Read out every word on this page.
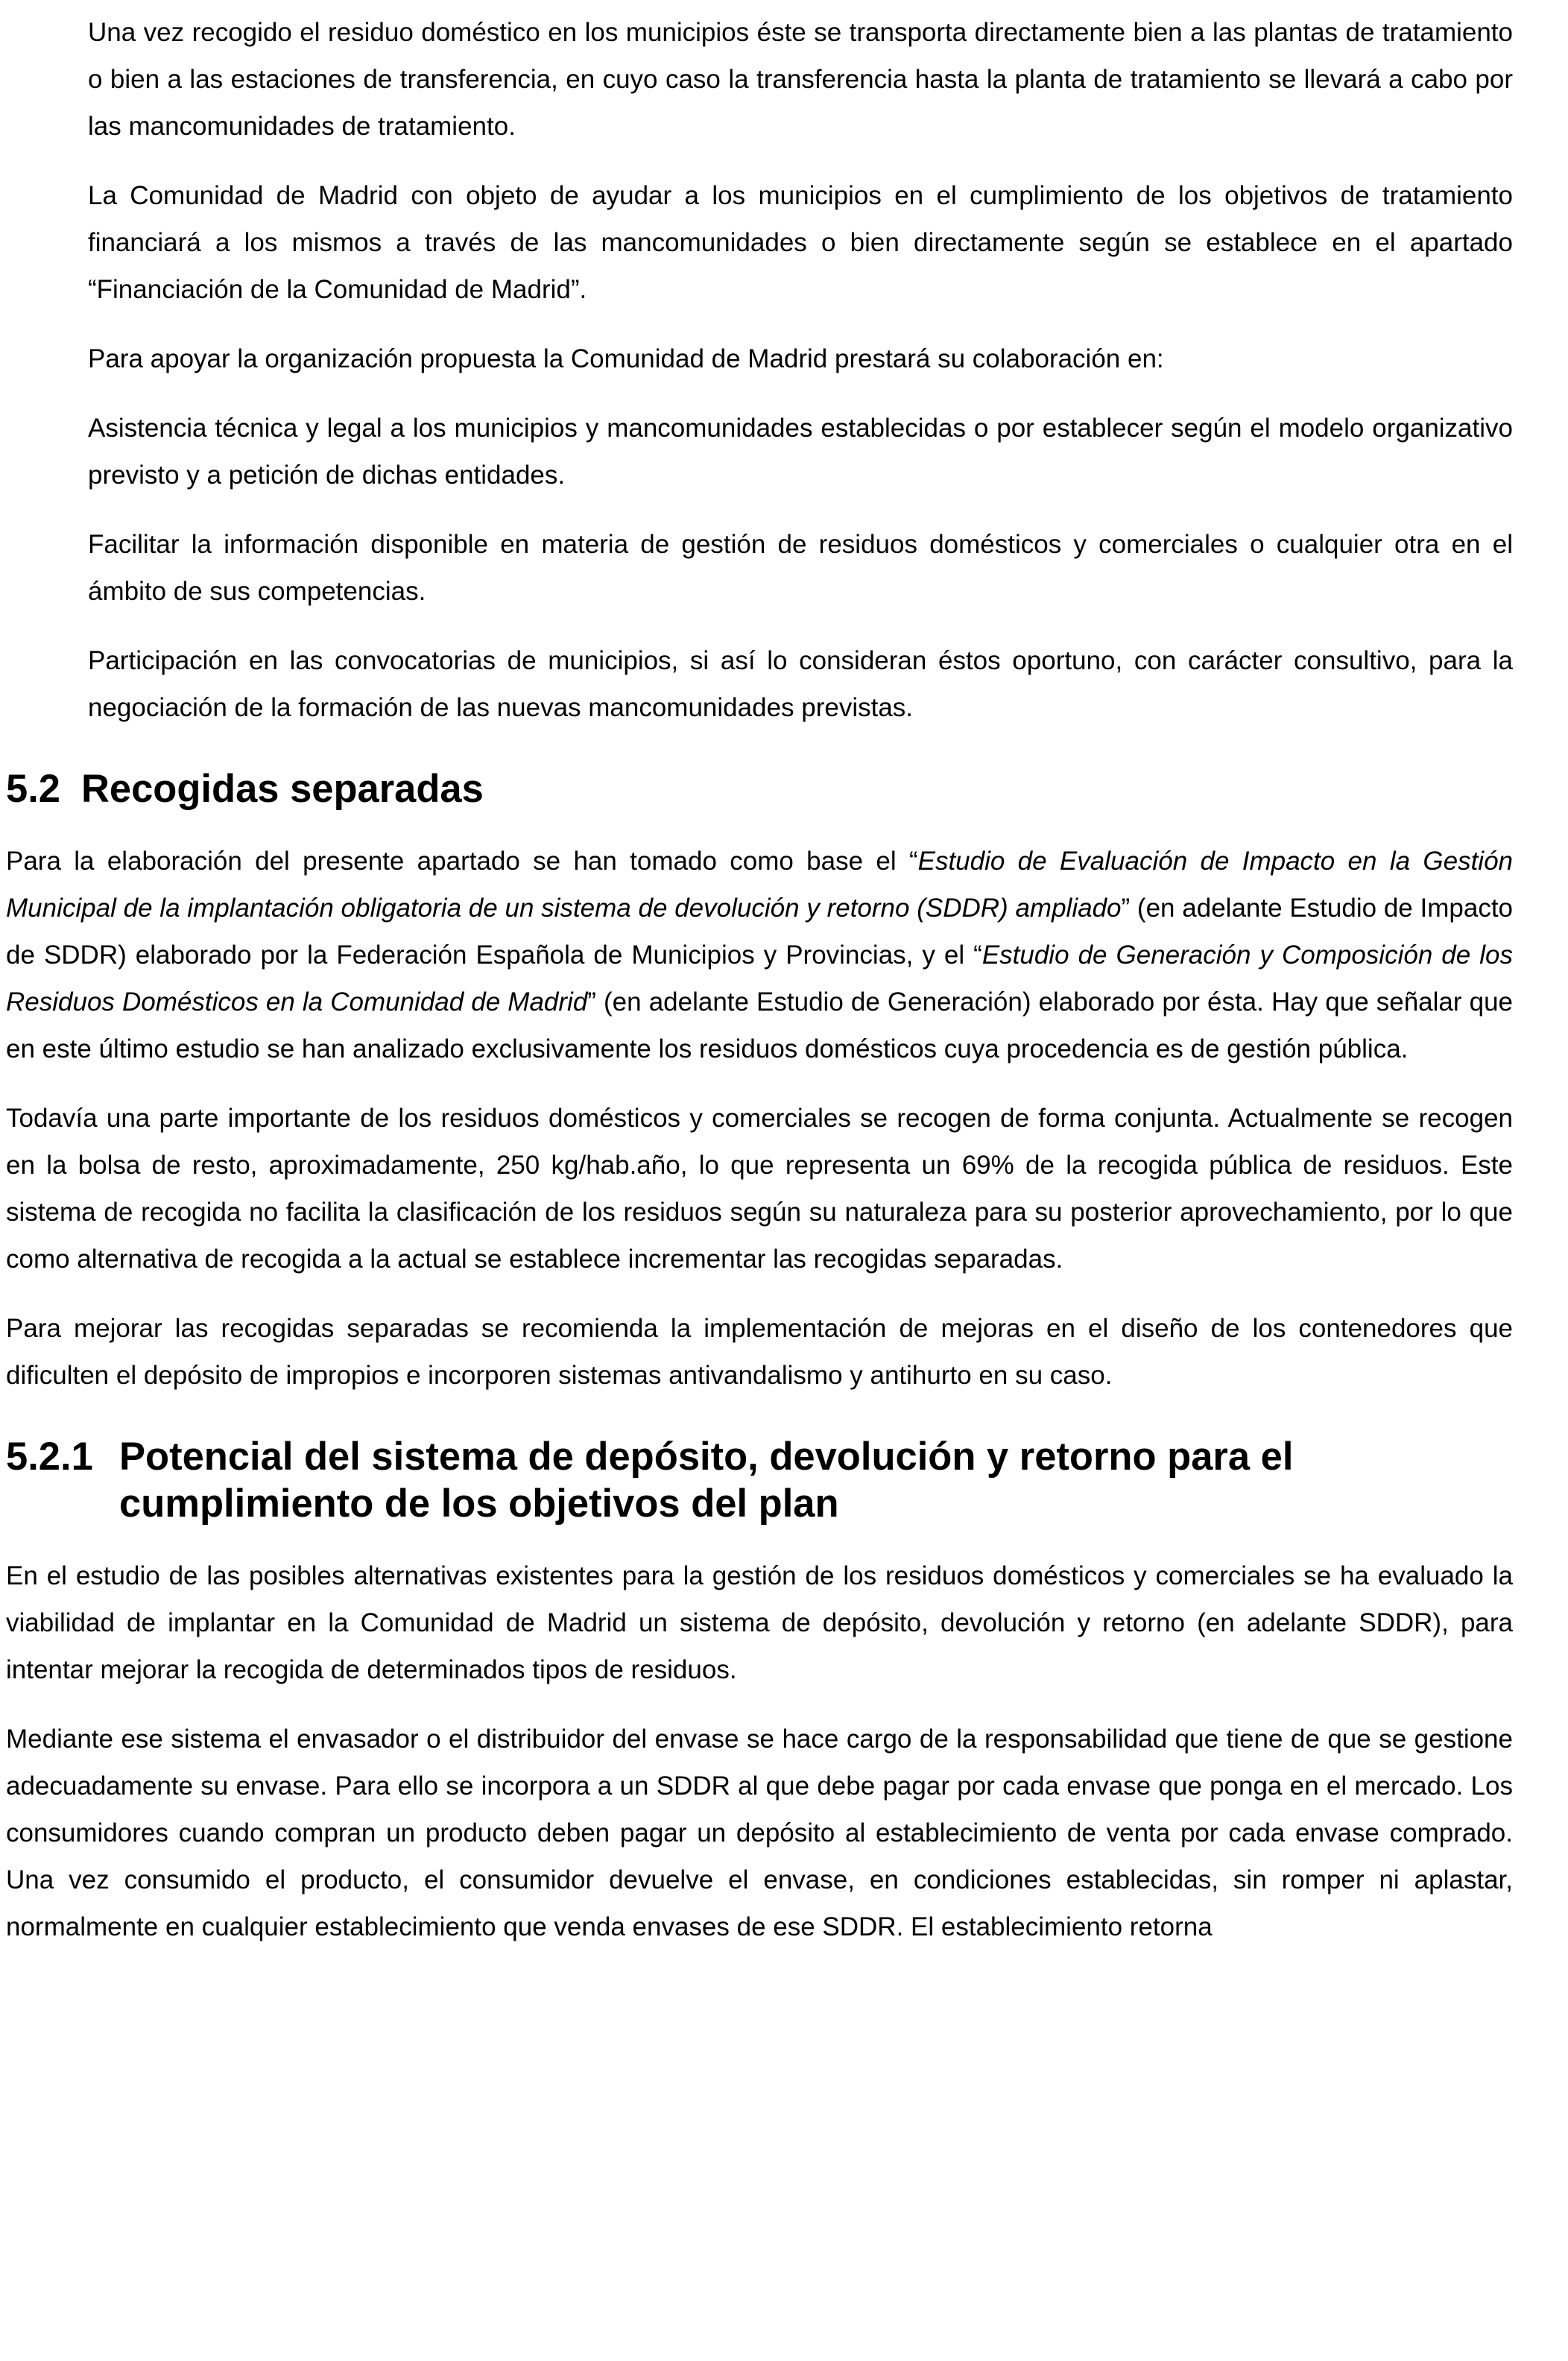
Una vez recogido el residuo doméstico en los municipios éste se transporta directamente bien a las plantas de tratamiento o bien a las estaciones de transferencia, en cuyo caso la transferencia hasta la planta de tratamiento se llevará a cabo por las mancomunidades de tratamiento.

La Comunidad de Madrid con objeto de ayudar a los municipios en el cumplimiento de los objetivos de tratamiento financiará a los mismos a través de las mancomunidades o bien directamente según se establece en el apartado “Financiación de la Comunidad de Madrid”.

Para apoyar la organización propuesta la Comunidad de Madrid prestará su colaboración en:

Asistencia técnica y legal a los municipios y mancomunidades establecidas o por establecer según el modelo organizativo previsto y a petición de dichas entidades.

Facilitar la información disponible en materia de gestión de residuos domésticos y comerciales o cualquier otra en el ámbito de sus competencias.

Participación en las convocatorias de municipios, si así lo consideran éstos oportuno, con carácter consultivo, para la negociación de la formación de las nuevas mancomunidades previstas.

5.2 Recogidas separadas

Para la elaboración del presente apartado se han tomado como base el “Estudio de Evaluación de Impacto en la Gestión Municipal de la implantación obligatoria de un sistema de devolución y retorno (SDDR) ampliado” (en adelante Estudio de Impacto de SDDR) elaborado por la Federación Española de Municipios y Provincias, y el “Estudio de Generación y Composición de los Residuos Domésticos en la Comunidad de Madrid” (en adelante Estudio de Generación) elaborado por ésta. Hay que señalar que en este último estudio se han analizado exclusivamente los residuos domésticos cuya procedencia es de gestión pública.

Todavía una parte importante de los residuos domésticos y comerciales se recogen de forma conjunta. Actualmente se recogen en la bolsa de resto, aproximadamente, 250 kg/hab.año, lo que representa un 69% de la recogida pública de residuos. Este sistema de recogida no facilita la clasificación de los residuos según su naturaleza para su posterior aprovechamiento, por lo que como alternativa de recogida a la actual se establece incrementar las recogidas separadas.

Para mejorar las recogidas separadas se recomienda la implementación de mejoras en el diseño de los contenedores que dificulten el depósito de impropios e incorporen sistemas antivandalismo y antihurto en su caso.

5.2.1 Potencial del sistema de depósito, devolución y retorno para el cumplimiento de los objetivos del plan

En el estudio de las posibles alternativas existentes para la gestión de los residuos domésticos y comerciales se ha evaluado la viabilidad de implantar en la Comunidad de Madrid un sistema de depósito, devolución y retorno (en adelante SDDR), para intentar mejorar la recogida de determinados tipos de residuos.

Mediante ese sistema el envasador o el distribuidor del envase se hace cargo de la responsabilidad que tiene de que se gestione adecuadamente su envase. Para ello se incorpora a un SDDR al que debe pagar por cada envase que ponga en el mercado. Los consumidores cuando compran un producto deben pagar un depósito al establecimiento de venta por cada envase comprado. Una vez consumido el producto, el consumidor devuelve el envase, en condiciones establecidas, sin romper ni aplastar, normalmente en cualquier establecimiento que venda envases de ese SDDR. El establecimiento retorna
